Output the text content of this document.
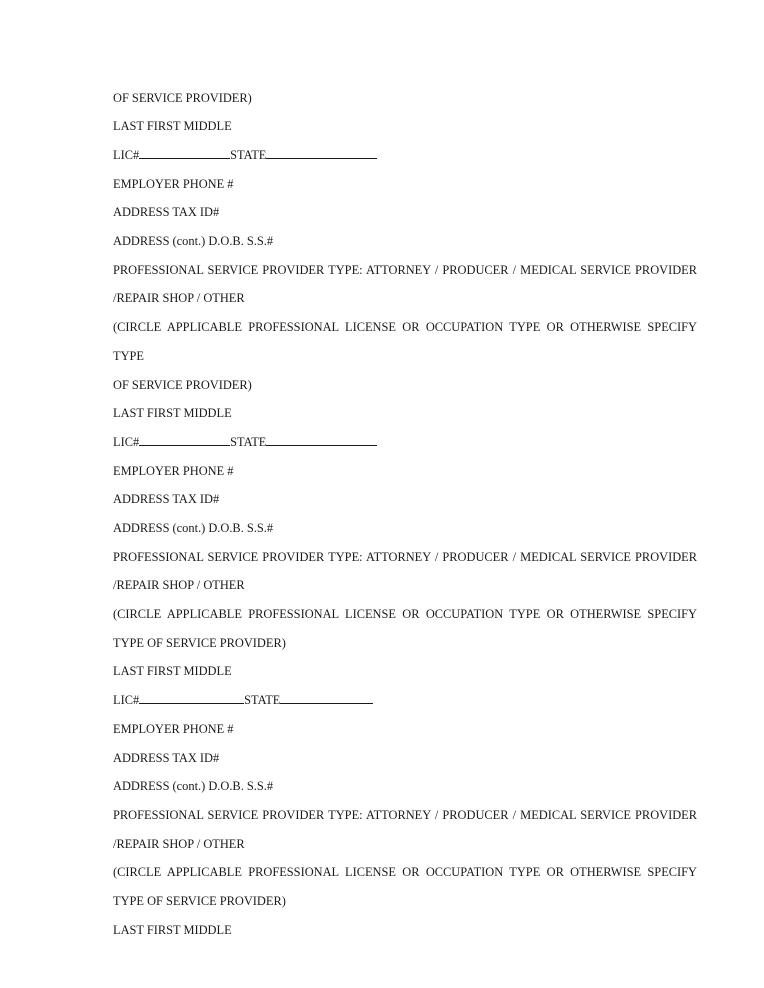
OF SERVICE PROVIDER)
LAST FIRST MIDDLE
LIC#	STATE
EMPLOYER PHONE #
ADDRESS TAX ID#
ADDRESS (cont.) D.O.B. S.S.#
PROFESSIONAL SERVICE PROVIDER TYPE: ATTORNEY / PRODUCER / MEDICAL SERVICE PROVIDER
/REPAIR SHOP / OTHER
(CIRCLE APPLICABLE PROFESSIONAL LICENSE OR OCCUPATION TYPE OR OTHERWISE SPECIFY
TYPE
OF SERVICE PROVIDER)
LAST FIRST MIDDLE
LIC#	STATE
EMPLOYER PHONE #
ADDRESS TAX ID#
ADDRESS (cont.) D.O.B. S.S.#
PROFESSIONAL SERVICE PROVIDER TYPE: ATTORNEY / PRODUCER / MEDICAL SERVICE PROVIDER
/REPAIR SHOP / OTHER
(CIRCLE APPLICABLE PROFESSIONAL LICENSE OR OCCUPATION TYPE OR OTHERWISE SPECIFY
TYPE OF SERVICE PROVIDER)
LAST FIRST MIDDLE
LIC#	STATE
EMPLOYER PHONE #
ADDRESS TAX ID#
ADDRESS (cont.) D.O.B. S.S.#
PROFESSIONAL SERVICE PROVIDER TYPE: ATTORNEY / PRODUCER / MEDICAL SERVICE PROVIDER
/REPAIR SHOP / OTHER
(CIRCLE APPLICABLE PROFESSIONAL LICENSE OR OCCUPATION TYPE OR OTHERWISE SPECIFY
TYPE OF SERVICE PROVIDER)
LAST FIRST MIDDLE
